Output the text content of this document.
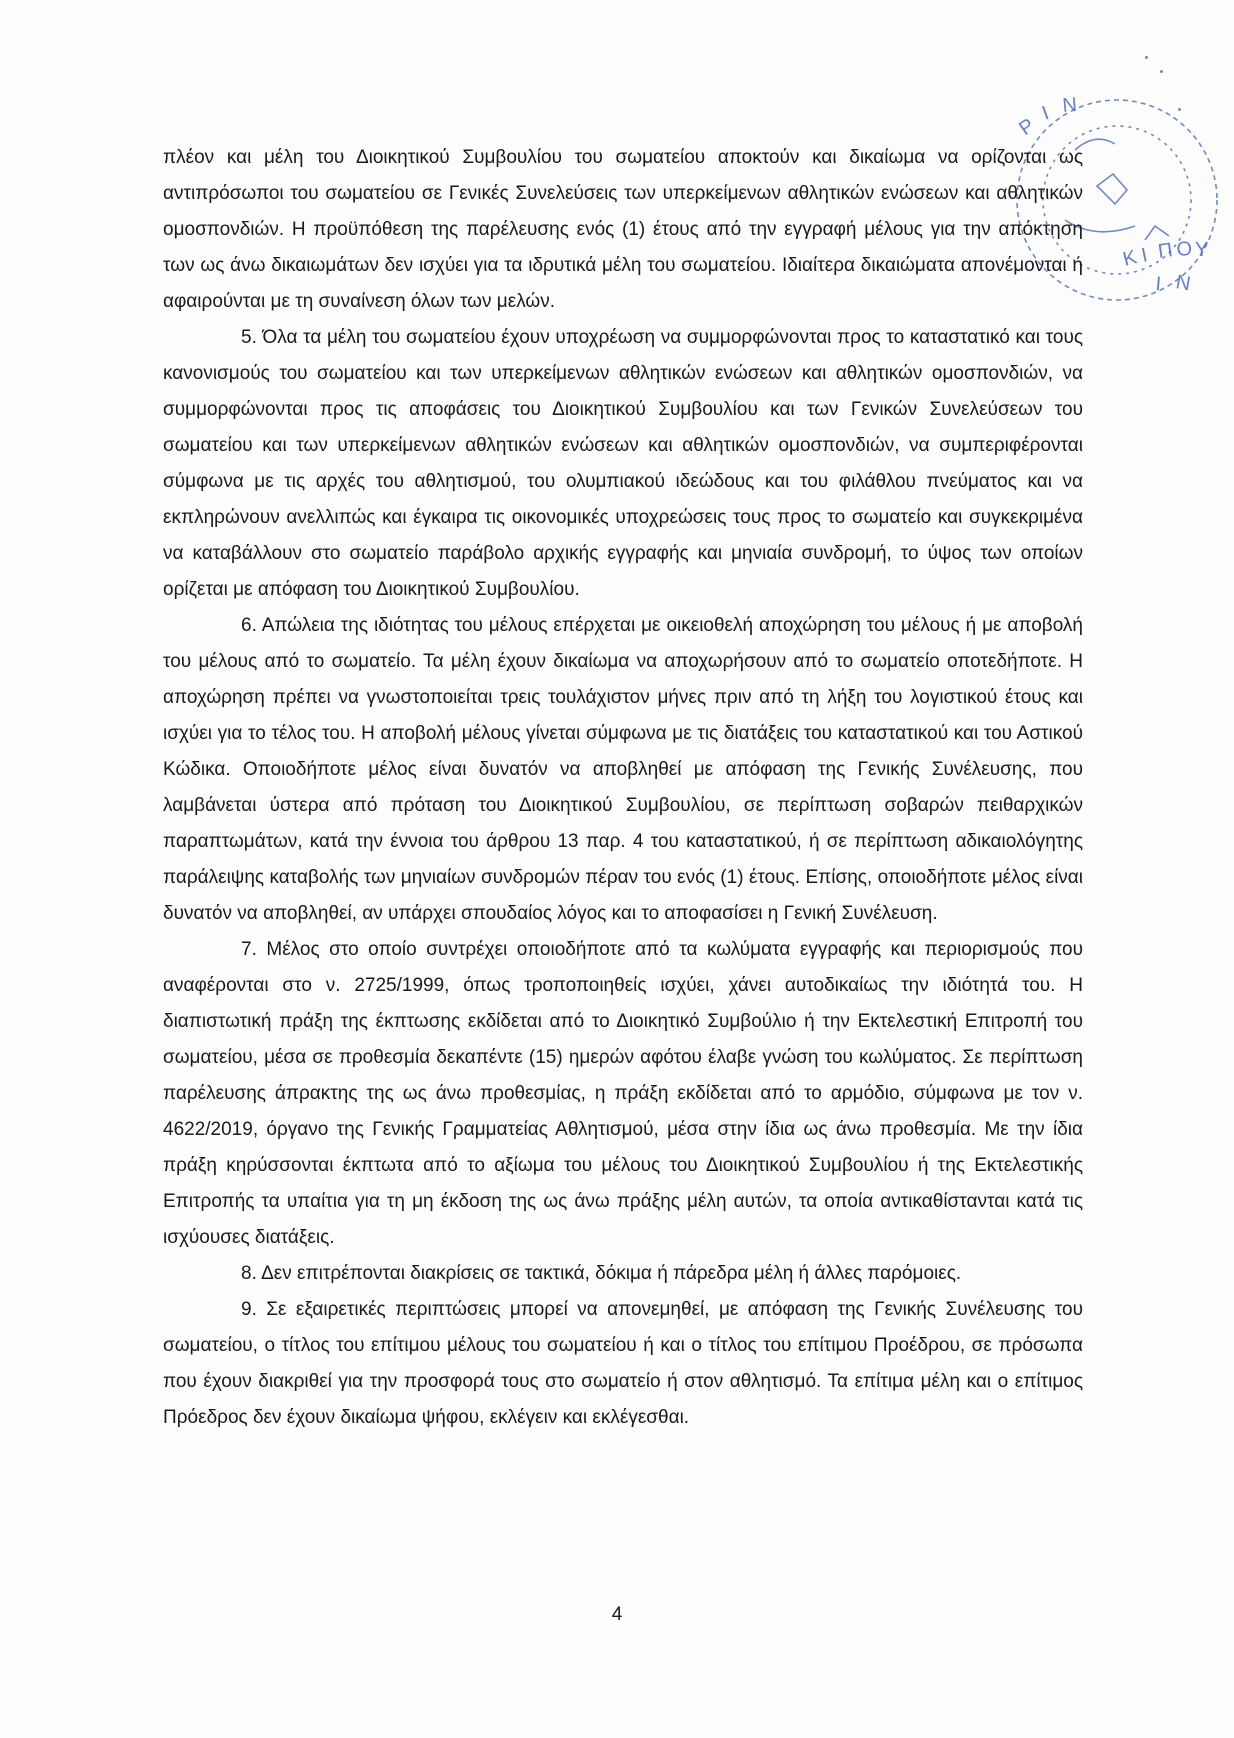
Ρ
Ι Ν
Κ Ι Π Ο Υ
Ν
Ι

πλέον και μέλη του Διοικητικού Συμβουλίου του σωματείου αποκτούν και δικαίωμα να ορίζονται ως αντιπρόσωποι του σωματείου σε Γενικές Συνελεύσεις των υπερκείμενων αθλητικών ενώσεων και αθλητικών ομοσπονδιών. Η προϋπόθεση της παρέλευσης ενός (1) έτους από την εγγραφή μέλους για την απόκτηση των ως άνω δικαιωμάτων δεν ισχύει για τα ιδρυτικά μέλη του σωματείου. Ιδιαίτερα δικαιώματα απονέμονται ή αφαιρούνται με τη συναίνεση όλων των μελών.

5. Όλα τα μέλη του σωματείου έχουν υποχρέωση να συμμορφώνονται προς το καταστατικό και τους κανονισμούς του σωματείου και των υπερκείμενων αθλητικών ενώσεων και αθλητικών ομοσπονδιών, να συμμορφώνονται προς τις αποφάσεις του Διοικητικού Συμβουλίου και των Γενικών Συνελεύσεων του σωματείου και των υπερκείμενων αθλητικών ενώσεων και αθλητικών ομοσπονδιών, να συμπεριφέρονται σύμφωνα με τις αρχές του αθλητισμού, του ολυμπιακού ιδεώδους και του φιλάθλου πνεύματος και να εκπληρώνουν ανελλιπώς και έγκαιρα τις οικονομικές υποχρεώσεις τους προς το σωματείο και συγκεκριμένα να καταβάλλουν στο σωματείο παράβολο αρχικής εγγραφής και μηνιαία συνδρομή, το ύψος των οποίων ορίζεται με απόφαση του Διοικητικού Συμβουλίου.

6. Απώλεια της ιδιότητας του μέλους επέρχεται με οικειοθελή αποχώρηση του μέλους ή με αποβολή του μέλους από το σωματείο. Τα μέλη έχουν δικαίωμα να αποχωρήσουν από το σωματείο οποτεδήποτε. Η αποχώρηση πρέπει να γνωστοποιείται τρεις τουλάχιστον μήνες πριν από τη λήξη του λογιστικού έτους και ισχύει για το τέλος του. Η αποβολή μέλους γίνεται σύμφωνα με τις διατάξεις του καταστατικού και του Αστικού Κώδικα. Οποιοδήποτε μέλος είναι δυνατόν να αποβληθεί με απόφαση της Γενικής Συνέλευσης, που λαμβάνεται ύστερα από πρόταση του Διοικητικού Συμβουλίου, σε περίπτωση σοβαρών πειθαρχικών παραπτωμάτων, κατά την έννοια του άρθρου 13 παρ. 4 του καταστατικού, ή σε περίπτωση αδικαιολόγητης παράλειψης καταβολής των μηνιαίων συνδρομών πέραν του ενός (1) έτους. Επίσης, οποιοδήποτε μέλος είναι δυνατόν να αποβληθεί, αν υπάρχει σπουδαίος λόγος και το αποφασίσει η Γενική Συνέλευση.

7. Μέλος στο οποίο συντρέχει οποιοδήποτε από τα κωλύματα εγγραφής και περιορισμούς που αναφέρονται στο ν. 2725/1999, όπως τροποποιηθείς ισχύει, χάνει αυτοδικαίως την ιδιότητά του. Η διαπιστωτική πράξη της έκπτωσης εκδίδεται από το Διοικητικό Συμβούλιο ή την Εκτελεστική Επιτροπή του σωματείου, μέσα σε προθεσμία δεκαπέντε (15) ημερών αφότου έλαβε γνώση του κωλύματος. Σε περίπτωση παρέλευσης άπρακτης της ως άνω προθεσμίας, η πράξη εκδίδεται από το αρμόδιο, σύμφωνα με τον ν. 4622/2019, όργανο της Γενικής Γραμματείας Αθλητισμού, μέσα στην ίδια ως άνω προθεσμία. Με την ίδια πράξη κηρύσσονται έκπτωτα από το αξίωμα του μέλους του Διοικητικού Συμβουλίου ή της Εκτελεστικής Επιτροπής τα υπαίτια για τη μη έκδοση της ως άνω πράξης μέλη αυτών, τα οποία αντικαθίστανται κατά τις ισχύουσες διατάξεις.

8. Δεν επιτρέπονται διακρίσεις σε τακτικά, δόκιμα ή πάρεδρα μέλη ή άλλες παρόμοιες.

9. Σε εξαιρετικές περιπτώσεις μπορεί να απονεμηθεί, με απόφαση της Γενικής Συνέλευσης του σωματείου, ο τίτλος του επίτιμου μέλους του σωματείου ή και ο τίτλος του επίτιμου Προέδρου, σε πρόσωπα που έχουν διακριθεί για την προσφορά τους στο σωματείο ή στον αθλητισμό. Τα επίτιμα μέλη και ο επίτιμος Πρόεδρος δεν έχουν δικαίωμα ψήφου, εκλέγειν και εκλέγεσθαι.

4
